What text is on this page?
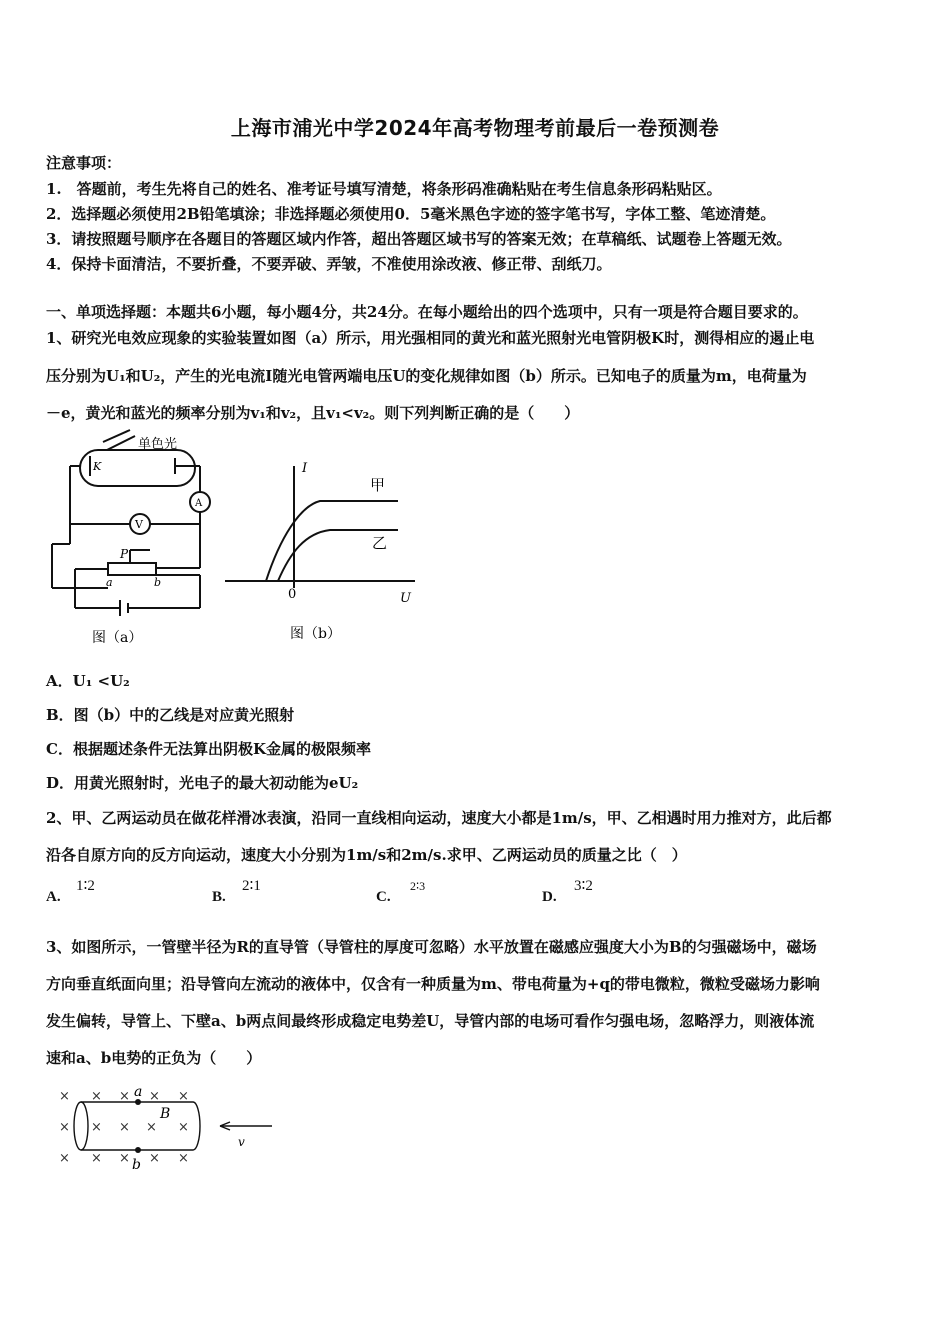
上海市浦光中学2024年高考物理考前最后一卷预测卷
注意事项：
1.　答题前，考生先将自己的姓名、准考证号填写清楚，将条形码准确粘贴在考生信息条形码粘贴区。
2．选择题必须使用2B铅笔填涂；非选择题必须使用0．5毫米黑色字迹的签字笔书写，字体工整、笔迹清楚。
3．请按照题号顺序在各题目的答题区域内作答，超出答题区域书写的答案无效；在草稿纸、试题卷上答题无效。
4．保持卡面清洁，不要折叠，不要弄破、弄皱，不准使用涂改液、修正带、刮纸刀。
一、单项选择题：本题共6小题，每小题4分，共24分。在每小题给出的四个选项中，只有一项是符合题目要求的。
1、研究光电效应现象的实验装置如图（a）所示，用光强相同的黄光和蓝光照射光电管阴极K时，测得相应的遏止电
压分别为U₁和U₂，产生的光电流I随光电管两端电压U的变化规律如图（b）所示。已知电子的质量为m，电荷量为
－e，黄光和蓝光的频率分别为v₁和v₂，且v₁<v₂。则下列判断正确的是（　　）
单色光
K
A
V
P
a	b
图（a）
I
U
0
甲
乙
图（b）
A．U₁ <U₂
B．图（b）中的乙线是对应黄光照射
C．根据题述条件无法算出阴极K金属的极限频率
D．用黄光照射时，光电子的最大初动能为eU₂
2、甲、乙两运动员在做花样滑冰表演，沿同一直线相向运动，速度大小都是1m/s，甲、乙相遇时用力推对方，此后都
沿各自原方向的反方向运动，速度大小分别为1m/s和2m/s.求甲、乙两运动员的质量之比（　）
A.
1∶2
B.
2∶1
C.
2∶3
D.
3∶2
3、如图所示，一管壁半径为R的直导管（导管柱的厚度可忽略）水平放置在磁感应强度大小为B的匀强磁场中，磁场
方向垂直纸面向里；沿导管向左流动的液体中，仅含有一种质量为m、带电荷量为+q的带电微粒，微粒受磁场力影响
发生偏转，导管上、下壁a、b两点间最终形成稳定电势差U，导管内部的电场可看作匀强电场，忽略浮力，则液体流
速和a、b电势的正负为（　　）
× × × × ×
× × × × ×
× × × × ×
a
b
B
v
